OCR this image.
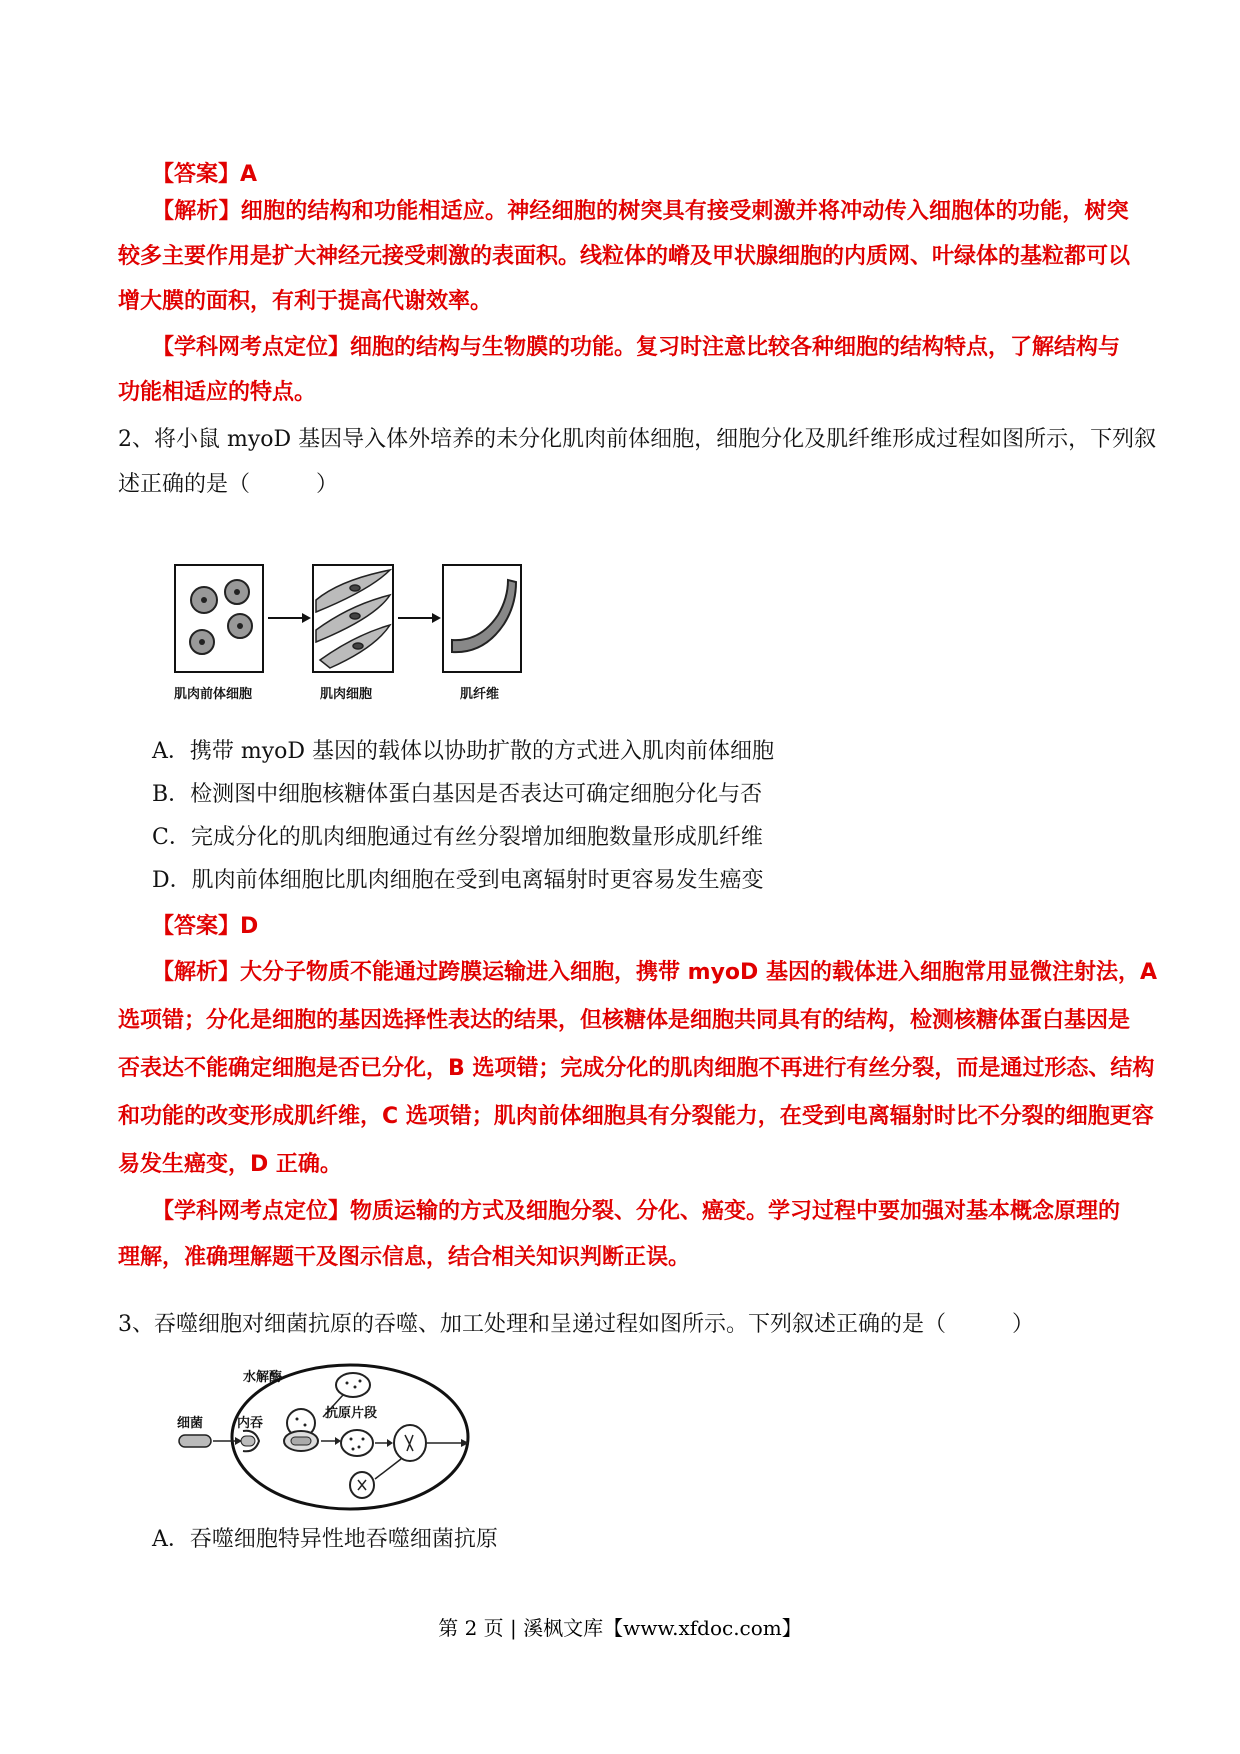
【答案】A
【解析】细胞的结构和功能相适应。神经细胞的树突具有接受刺激并将冲动传入细胞体的功能，树突
较多主要作用是扩大神经元接受刺激的表面积。线粒体的嵴及甲状腺细胞的内质网、叶绿体的基粒都可以
增大膜的面积，有利于提高代谢效率。
【学科网考点定位】细胞的结构与生物膜的功能。复习时注意比较各种细胞的结构特点，了解结构与
功能相适应的特点。
2、将小鼠 myoD 基因导入体外培养的未分化肌肉前体细胞，细胞分化及肌纤维形成过程如图所示，下列叙
述正确的是（　　　）
肌肉前体细胞	肌肉细胞	肌纤维
A．携带 myoD 基因的载体以协助扩散的方式进入肌肉前体细胞
B．检测图中细胞核糖体蛋白基因是否表达可确定细胞分化与否
C．完成分化的肌肉细胞通过有丝分裂增加细胞数量形成肌纤维
D．肌肉前体细胞比肌肉细胞在受到电离辐射时更容易发生癌变
【答案】D
【解析】大分子物质不能通过跨膜运输进入细胞，携带 myoD 基因的载体进入细胞常用显微注射法，A
选项错；分化是细胞的基因选择性表达的结果，但核糖体是细胞共同具有的结构，检测核糖体蛋白基因是
否表达不能确定细胞是否已分化，B 选项错；完成分化的肌肉细胞不再进行有丝分裂，而是通过形态、结构
和功能的改变形成肌纤维，C 选项错；肌肉前体细胞具有分裂能力，在受到电离辐射时比不分裂的细胞更容
易发生癌变，D 正确。
【学科网考点定位】物质运输的方式及细胞分裂、分化、癌变。学习过程中要加强对基本概念原理的
理解，准确理解题干及图示信息，结合相关知识判断正误。
3、吞噬细胞对细菌抗原的吞噬、加工处理和呈递过程如图所示。下列叙述正确的是（　　　）
水解酶
细菌	内吞
抗原片段
A．吞噬细胞特异性地吞噬细菌抗原
第 2 页 | 溪枫文库【www.xfdoc.com】
